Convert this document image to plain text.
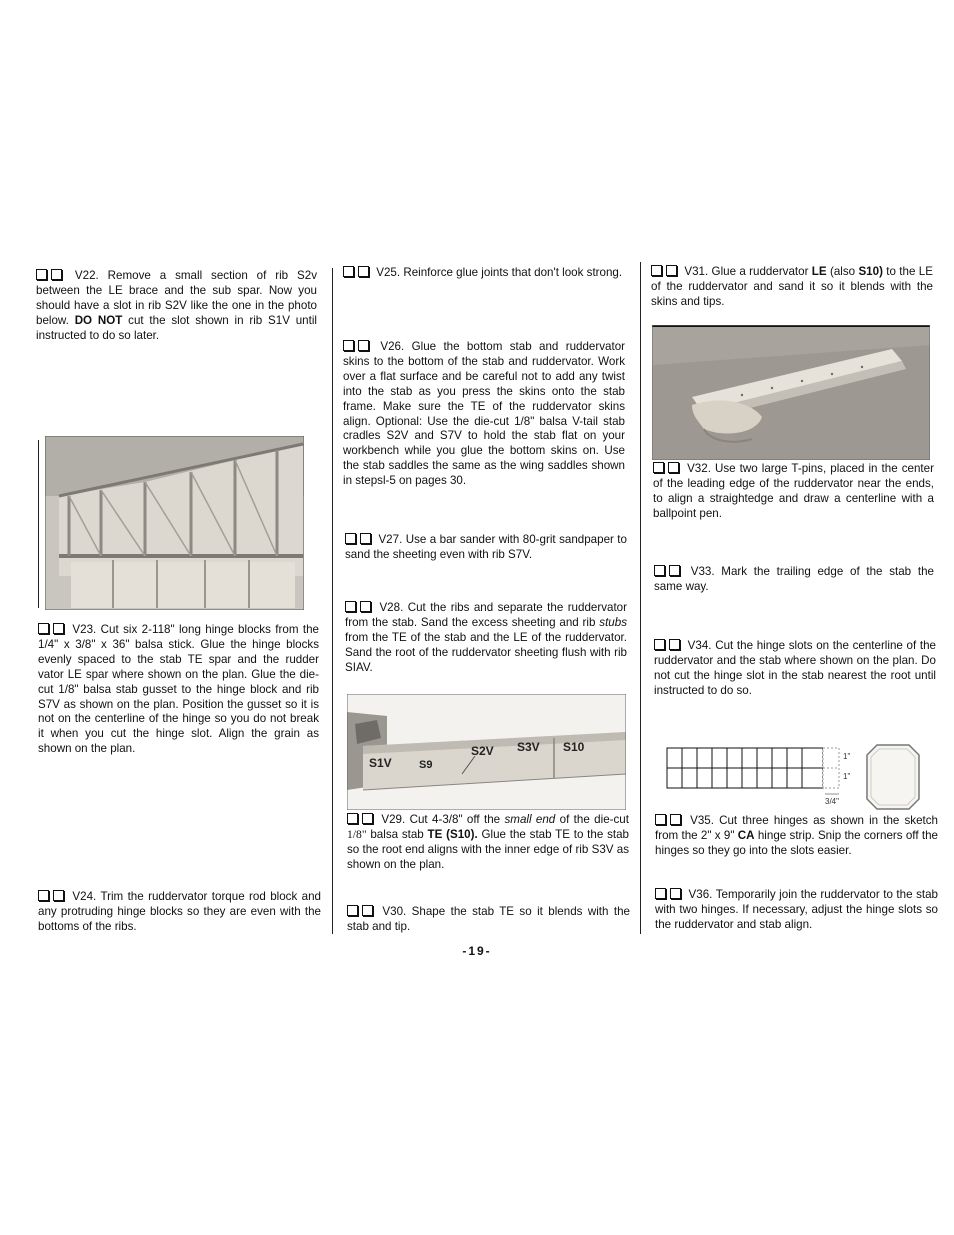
V22. Remove a small section of rib S2v between the LE brace and the sub spar. Now you should have a slot in rib S2V like the one in the photo below. DO NOT cut the slot shown in rib S1V until instructed to do so later.
V23. Cut six 2-118" long hinge blocks from the 1/4" x 3/8" x 36" balsa stick. Glue the hinge blocks evenly spaced to the stab TE spar and the rudder vator LE spar where shown on the plan. Glue the die-cut 1/8" balsa stab gusset to the hinge block and rib S7V as shown on the plan. Position the gusset so it is not on the centerline of the hinge so you do not break it when you cut the hinge slot. Align the grain as shown on the plan.
V24. Trim the ruddervator torque rod block and any protruding hinge blocks so they are even with the bottoms of the ribs.
V25. Reinforce glue joints that don't look strong.
V26. Glue the bottom stab and ruddervator skins to the bottom of the stab and ruddervator. Work over a flat surface and be careful not to add any twist into the stab as you press the skins onto the stab frame. Make sure the TE of the ruddervator skins align. Optional: Use the die-cut 1/8" balsa V-tail stab cradles S2V and S7V to hold the stab flat on your workbench while you glue the bottom skins on. Use the stab saddles the same as the wing saddles shown in stepsl-5 on pages 30.
V27. Use a bar sander with 80-grit sandpaper to sand the sheeting even with rib S7V.
V28. Cut the ribs and separate the ruddervator from the stab. Sand the excess sheeting and rib stubs from the TE of the stab and the LE of the ruddervator. Sand the root of the ruddervator sheeting flush with rib SIAV.
S1V S9
S2V S3V S10
V29. Cut 4-3/8" off the small end of the die-cut 1/8" balsa stab TE (S10). Glue the stab TE to the stab so the root end aligns with the inner edge of rib S3V as shown on the plan.
V30. Shape the stab TE so it blends with the stab and tip.
V31. Glue a ruddervator LE (also S10) to the LE of the ruddervator and sand it so it blends with the skins and tips.
V32. Use two large T-pins, placed in the center of the leading edge of the ruddervator near the ends, to align a straightedge and draw a centerline with a ballpoint pen.
V33. Mark the trailing edge of the stab the same way.
V34. Cut the hinge slots on the centerline of the ruddervator and the stab where shown on the plan. Do not cut the hinge slot in the stab nearest the root until instructed to do so.
1"
1"
3/4"
V35. Cut three hinges as shown in the sketch from the 2" x 9" CA hinge strip. Snip the corners off the hinges so they go into the slots easier.
V36. Temporarily join the ruddervator to the stab with two hinges. If necessary, adjust the hinge slots so the ruddervator and stab align.
-19-
